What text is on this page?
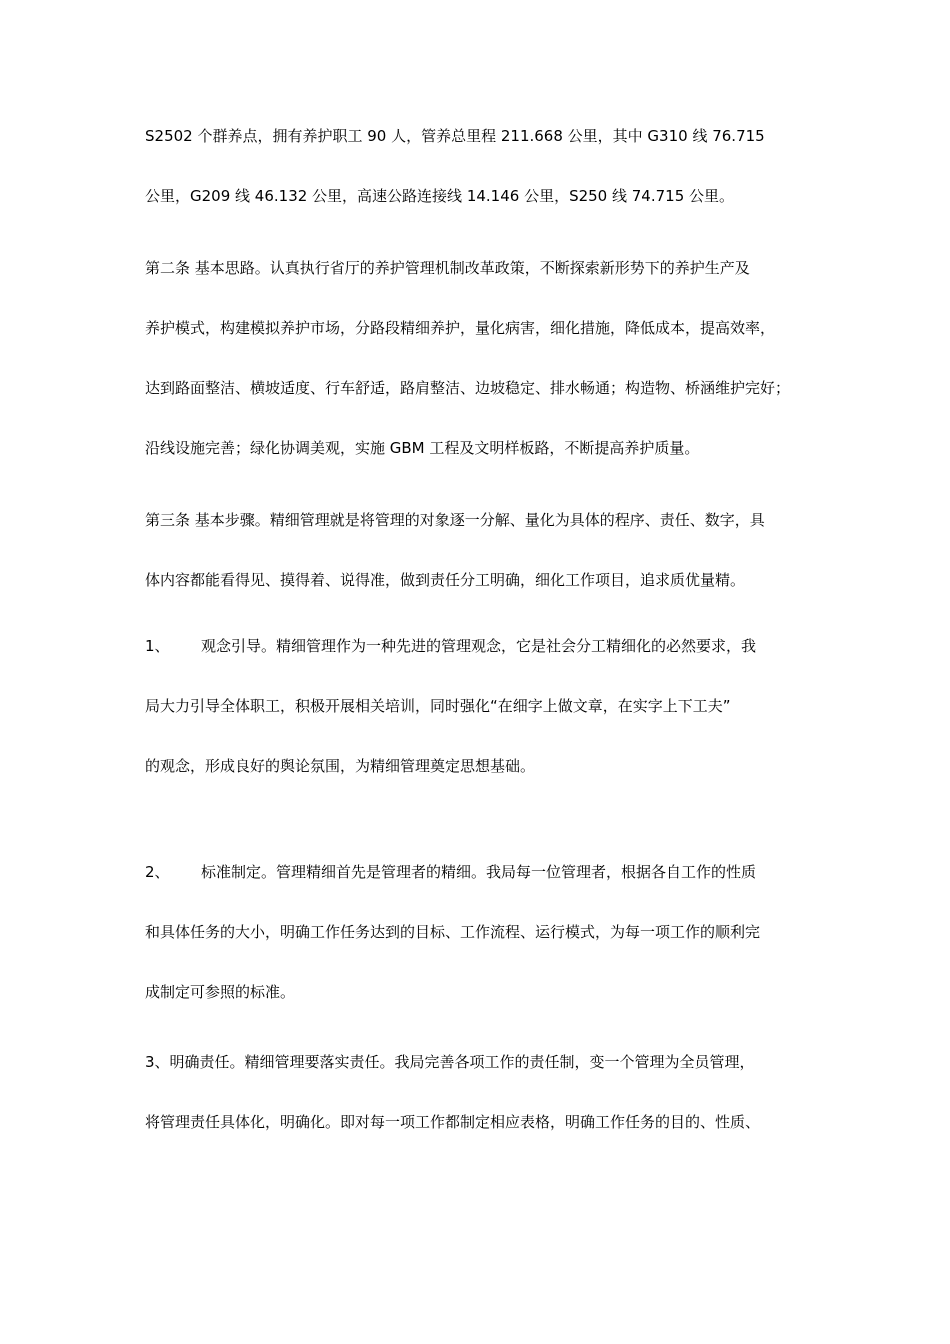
S2502 个群养点，拥有养护职工 90 人，管养总里程 211.668 公里，其中 G310 线 76.715
公里，G209 线 46.132 公里，高速公路连接线 14.146 公里，S250 线 74.715 公里。
第二条 基本思路。认真执行省厅的养护管理机制改革政策，不断探索新形势下的养护生产及
养护模式，构建模拟养护市场，分路段精细养护，量化病害，细化措施，降低成本，提高效率，
达到路面整洁、横坡适度、行车舒适，路肩整洁、边坡稳定、排水畅通；构造物、桥涵维护完好；
沿线设施完善；绿化协调美观，实施 GBM 工程及文明样板路，不断提高养护质量。
第三条 基本步骤。精细管理就是将管理的对象逐一分解、量化为具体的程序、责任、数字，具
体内容都能看得见、摸得着、说得准，做到责任分工明确，细化工作项目，追求质优量精。
1、 观念引导。精细管理作为一种先进的管理观念，它是社会分工精细化的必然要求，我
局大力引导全体职工，积极开展相关培训，同时强化“在细字上做文章，在实字上下工夫”
的观念，形成良好的舆论氛围，为精细管理奠定思想基础。
2、 标准制定。管理精细首先是管理者的精细。我局每一位管理者，根据各自工作的性质
和具体任务的大小，明确工作任务达到的目标、工作流程、运行模式，为每一项工作的顺利完
成制定可参照的标准。
3、明确责任。精细管理要落实责任。我局完善各项工作的责任制，变一个管理为全员管理，
将管理责任具体化，明确化。即对每一项工作都制定相应表格，明确工作任务的目的、性质、
